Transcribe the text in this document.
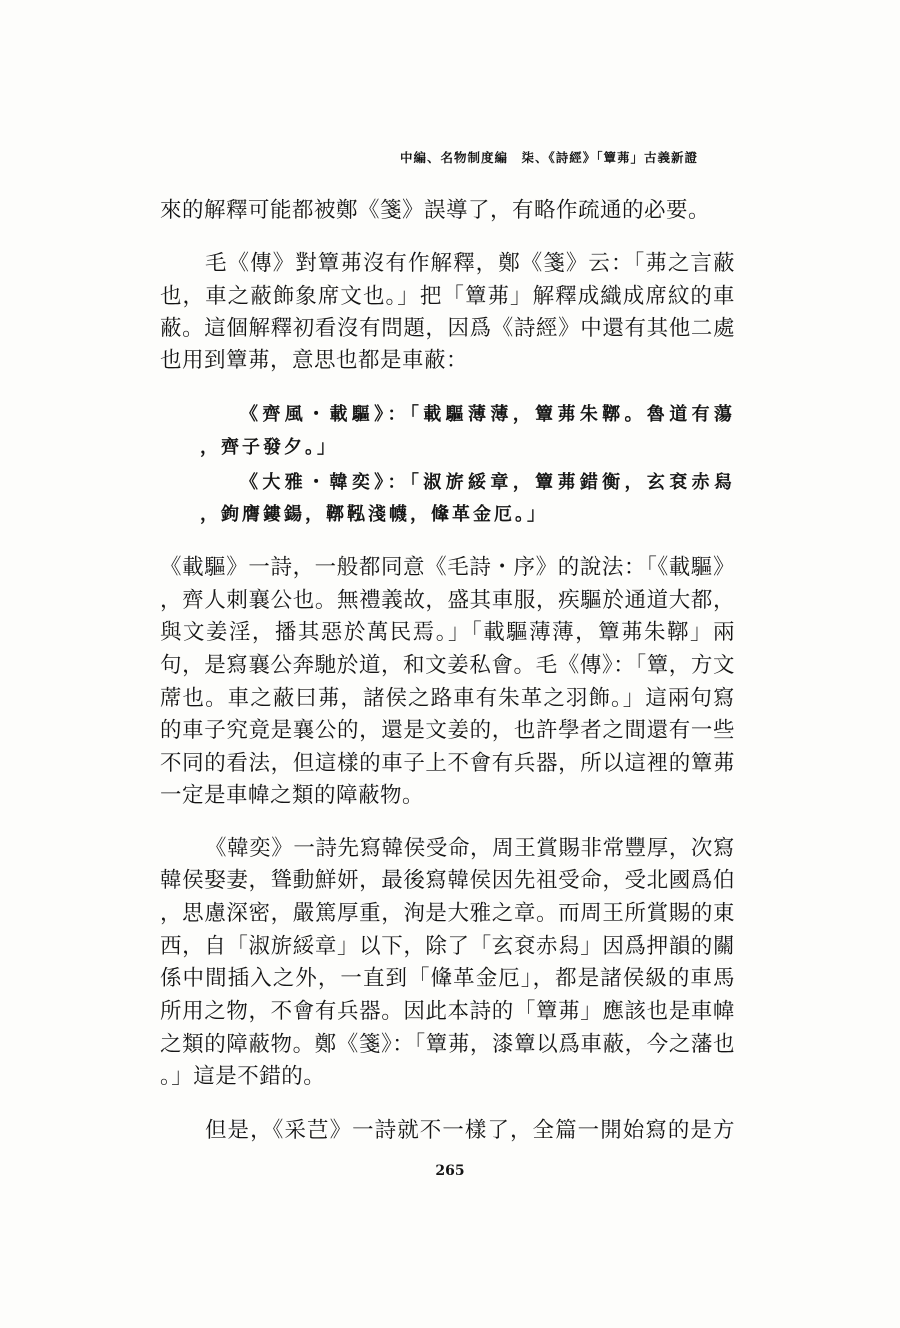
中編、名物制度編　柒、《詩經》「簟茀」古義新證
來的解釋可能都被鄭《箋》誤導了，有略作疏通的必要。
毛《傳》對簟茀沒有作解釋，鄭《箋》云：「茀之言蔽
也，車之蔽飾象席文也。」把「簟茀」解釋成織成席紋的車
蔽。這個解釋初看沒有問題，因爲《詩經》中還有其他二處
也用到簟茀，意思也都是車蔽：
《齊風・載驅》：「載驅薄薄，簟茀朱鞹。魯道有蕩
，齊子發夕。」
《大雅・韓奕》：「淑旂綏章，簟茀錯衡，玄袞赤舄
，鉤膺鏤鍚，鞹鞃淺幭，鞗革金厄。」
《載驅》一詩，一般都同意《毛詩・序》的說法：「《載驅》
，齊人刺襄公也。無禮義故，盛其車服，疾驅於通道大都，
與文姜淫，播其惡於萬民焉。」「載驅薄薄，簟茀朱鞹」兩
句，是寫襄公奔馳於道，和文姜私會。毛《傳》：「簟，方文
蓆也。車之蔽曰茀，諸侯之路車有朱革之羽飾。」這兩句寫
的車子究竟是襄公的，還是文姜的，也許學者之間還有一些
不同的看法，但這樣的車子上不會有兵器，所以這裡的簟茀
一定是車幃之類的障蔽物。
《韓奕》一詩先寫韓侯受命，周王賞賜非常豐厚，次寫
韓侯娶妻，聳動鮮妍，最後寫韓侯因先祖受命，受北國爲伯
，思慮深密，嚴篤厚重，洵是大雅之章。而周王所賞賜的東
西，自「淑旂綏章」以下，除了「玄袞赤舄」因爲押韻的關
係中間插入之外，一直到「鞗革金厄」，都是諸侯級的車馬
所用之物，不會有兵器。因此本詩的「簟茀」應該也是車幃
之類的障蔽物。鄭《箋》：「簟茀，漆簟以爲車蔽，今之藩也
。」這是不錯的。
但是，《采芑》一詩就不一樣了，全篇一開始寫的是方
265
